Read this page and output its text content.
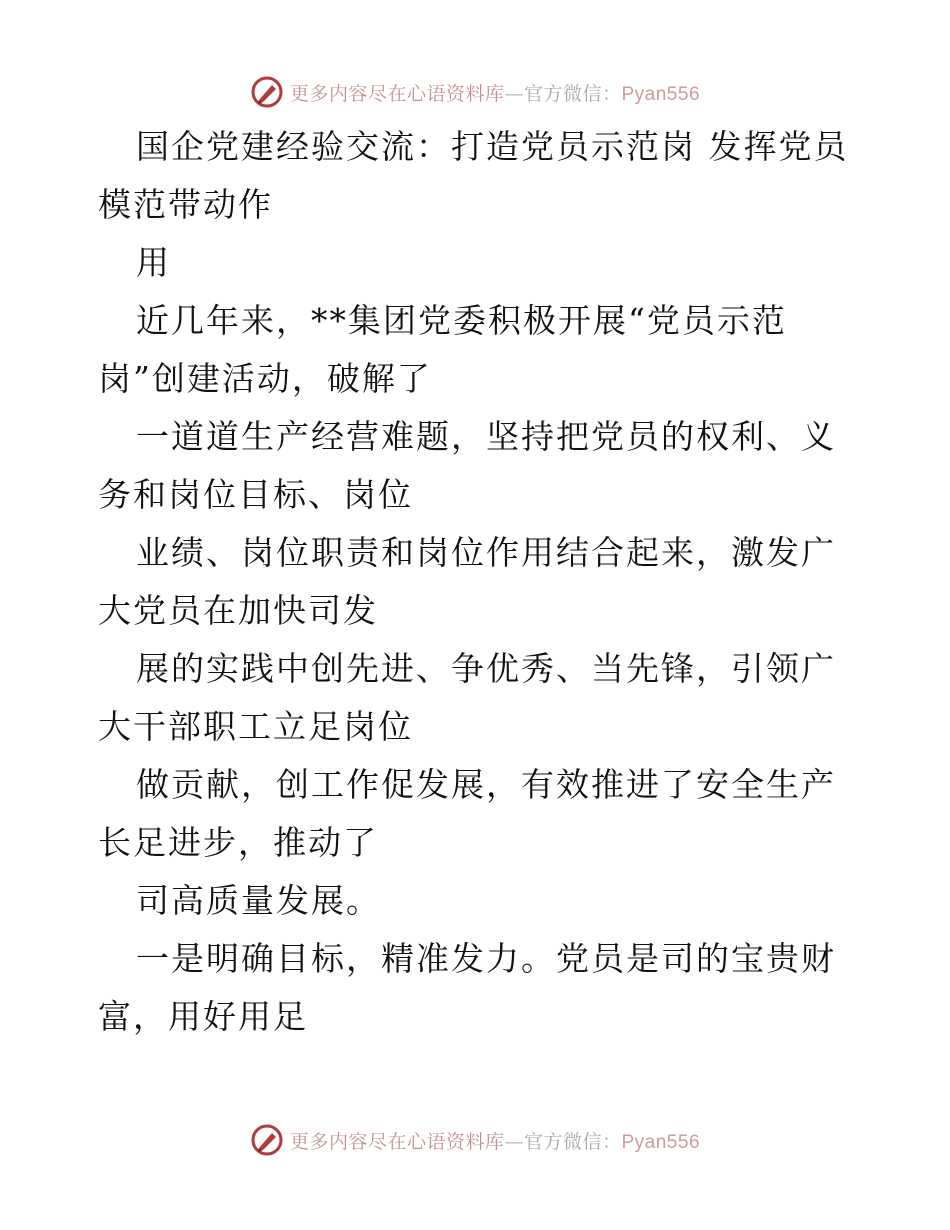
更多内容尽在心语资料库—官方微信：Pyan556

国企党建经验交流：打造党员示范岗 发挥党员模范带动作

用

近几年来，**集团党委积极开展“党员示范岗”创建活动，破解了

一道道生产经营难题，坚持把党员的权利、义务和岗位目标、岗位

业绩、岗位职责和岗位作用结合起来，激发广大党员在加快司发

展的实践中创先进、争优秀、当先锋，引领广大干部职工立足岗位

做贡献，创工作促发展，有效推进了安全生产长足进步，推动了

司高质量发展。

一是明确目标，精准发力。党员是司的宝贵财富，用好用足

更多内容尽在心语资料库—官方微信：Pyan556
